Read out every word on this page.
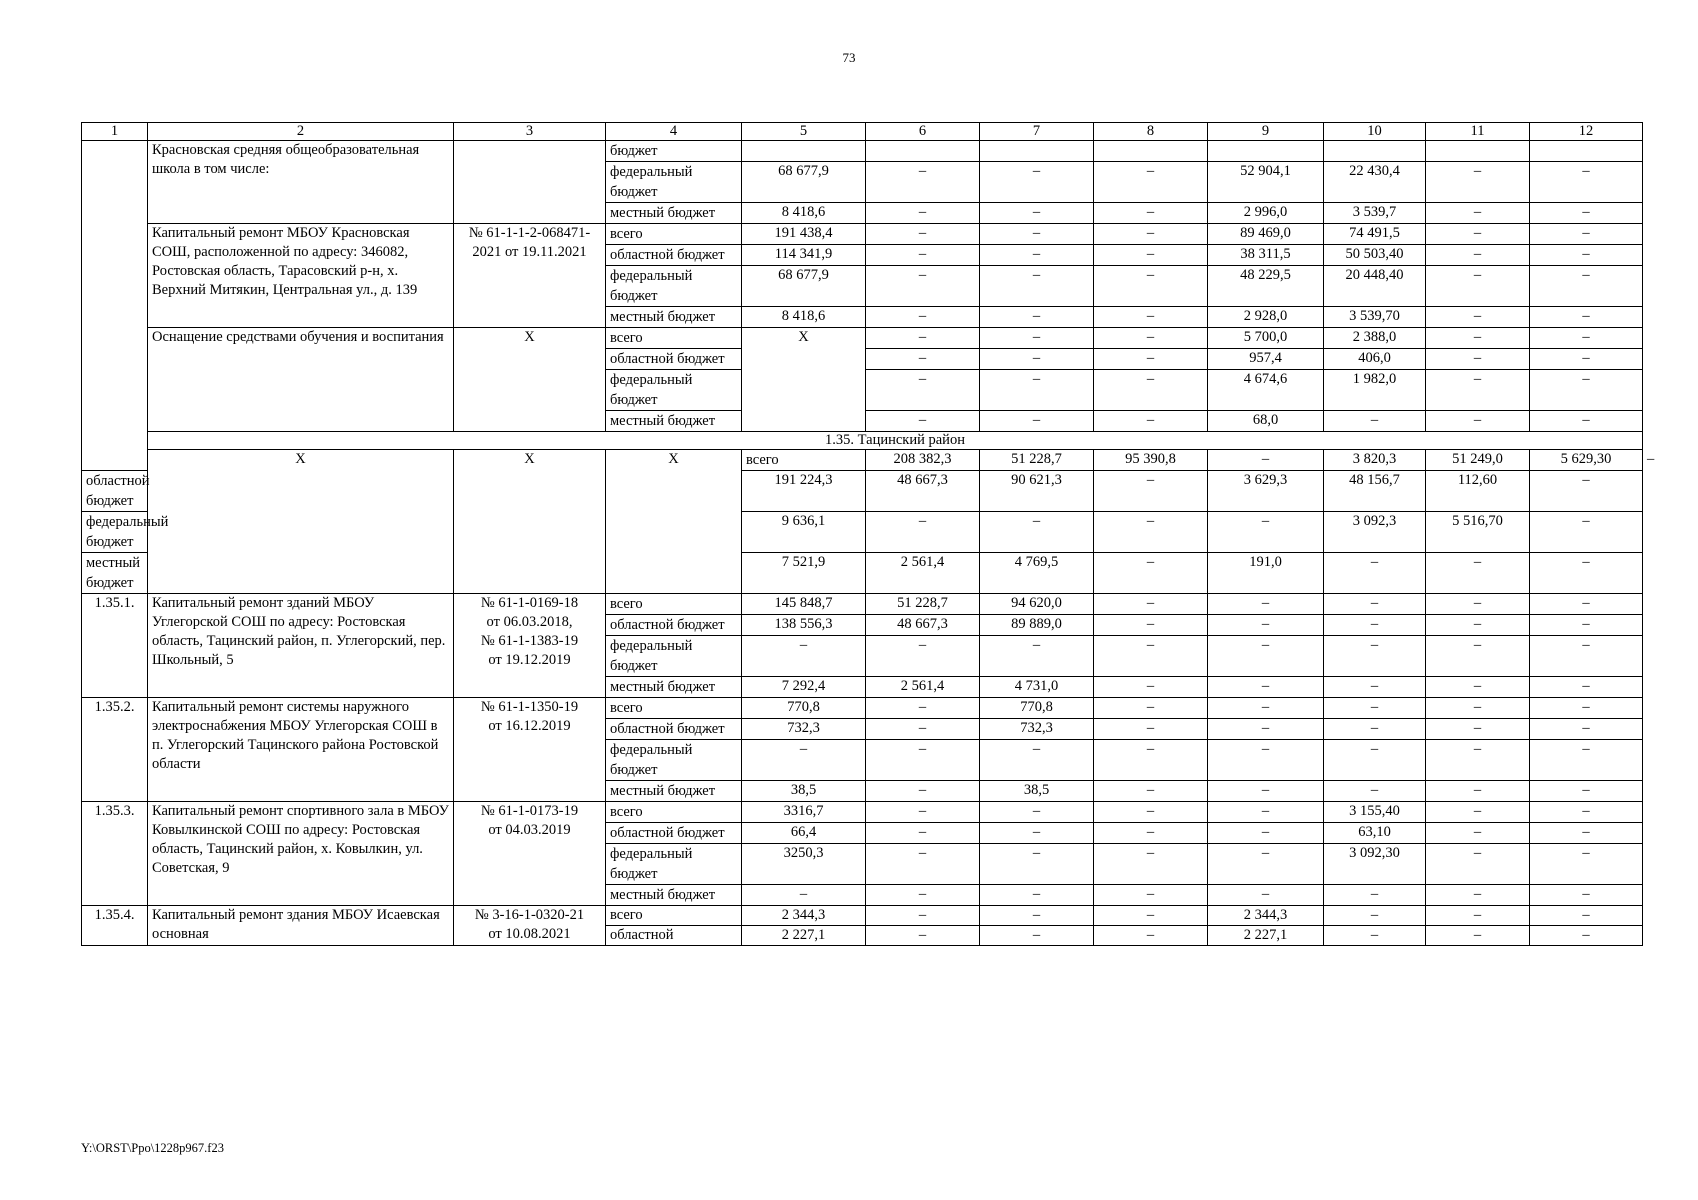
73
1	2	3	4	5	6	7	8	9	10	11	12	
	Красновская средняя общеобразовательная школа в том числе:		бюджет									
			федеральный бюджет	68 677,9	–	–	–	52 904,1	22 430,4	–	–	
			местный бюджет	8 418,6	–	–	–	2 996,0	3 539,7	–	–	
	Капитальный ремонт МБОУ Красновская СОШ, расположенной по адресу: 346082, Ростовская область, Тарасовский р-н, х. Верхний Митякин, Центральная ул., д. 139	№ 61-1-1-2-068471-2021 от 19.11.2021	всего	191 438,4	–	–	–	89 469,0	74 491,5	–	–	
			областной бюджет	114 341,9	–	–	–	38 311,5	50 503,40	–	–	
			федеральный бюджет	68 677,9	–	–	–	48 229,5	20 448,40	–	–	
			местный бюджет	8 418,6	–	–	–	2 928,0	3 539,70	–	–	
	Оснащение средствами обучения и воспитания	X	всего	X	–	–	–	5 700,0	2 388,0	–	–	
			областной бюджет		–	–	–	957,4	406,0	–	–	
			федеральный бюджет		–	–	–	4 674,6	1 982,0	–	–	
			местный бюджет		–	–	–	68,0	–	–	–	
	1.35. Тацинский район											
	X	X	X	всего	208 382,3	51 228,7	95 390,8	–	3 820,3	51 249,0	5 629,30	–
областной бюджет				191 224,3	48 667,3	90 621,3	–	3 629,3	48 156,7	112,60	–	
федеральный бюджет				9 636,1	–	–	–	–	3 092,3	5 516,70	–	
местный бюджет				7 521,9	2 561,4	4 769,5	–	191,0	–	–	–	
1.35.1.	Капитальный ремонт зданий МБОУ Углегорской СОШ по адресу: Ростовская область, Тацинский район, п. Углегорский, пер. Школьный, 5	№ 61-1-0169-18
от 06.03.2018,
№ 61-1-1383-19
от 19.12.2019	всего	145 848,7	51 228,7	94 620,0	–	–	–	–	–	
			областной бюджет	138 556,3	48 667,3	89 889,0	–	–	–	–	–	
			федеральный бюджет	–	–	–	–	–	–	–	–	
			местный бюджет	7 292,4	2 561,4	4 731,0	–	–	–	–	–	
1.35.2.	Капитальный ремонт системы наружного электроснабжения МБОУ Углегорская СОШ в п. Углегорский Тацинского района Ростовской области	№ 61-1-1350-19
от 16.12.2019	всего	770,8	–	770,8	–	–	–	–	–	
			областной бюджет	732,3	–	732,3	–	–	–	–	–	
			федеральный бюджет	–	–	–	–	–	–	–	–	
			местный бюджет	38,5	–	38,5	–	–	–	–	–	
1.35.3.	Капитальный ремонт спортивного зала в МБОУ Ковылкинской СОШ по адресу: Ростовская область, Тацинский район, х. Ковылкин, ул. Советская, 9	№ 61-1-0173-19
от 04.03.2019	всего	3316,7	–	–	–	–	3 155,40	–	–	
			областной бюджет	66,4	–	–	–	–	63,10	–	–	
			федеральный бюджет	3250,3	–	–	–	–	3 092,30	–	–	
			местный бюджет	–	–	–	–	–	–	–	–	
1.35.4.	Капитальный ремонт здания МБОУ Исаевская основная	№ 3-16-1-0320-21
от 10.08.2021	всего	2 344,3	–	–	–	2 344,3	–	–	–	
			областной	2 227,1	–	–	–	2 227,1	–	–	–	
Y:\ORST\Ppo\1228p967.f23
